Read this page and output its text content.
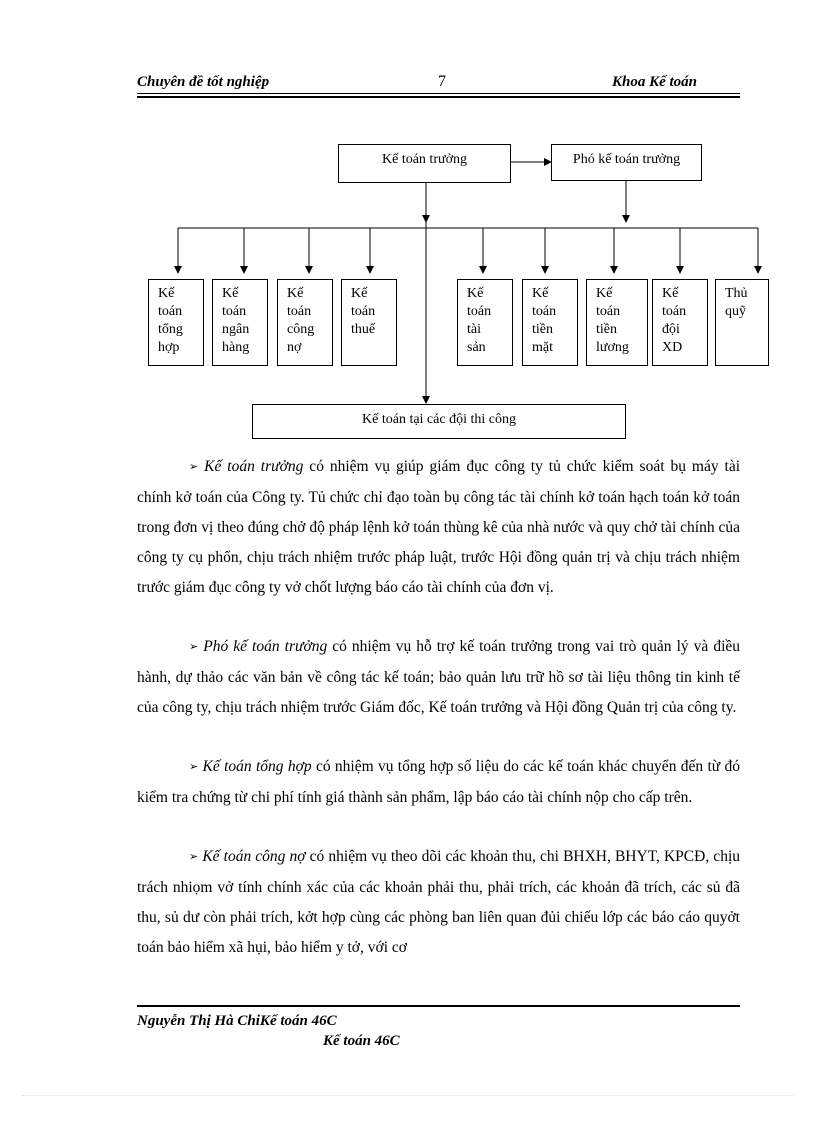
Chuyên đề tốt nghiệp	7	Khoa Kế toán
Kế toán trưởng	Phó kế toán trưởng
Kế
toán
tổng
hợp
Kế
toán
ngân
hàng
Kế
toán
công
nợ
Kế
toán
thuế
Kế
toán
tài
sản
Kế
toán
tiền
mặt
Kế
toán
tiền
lương
Kế
toán
đội
XD
Thủ
quỹ
Kế toán tại các đội thi công

➢ Kế toán trưởng có nhiệm vụ giúp giám đục công ty tủ chức kiểm soát bụ máy tài chính kở toán của Công ty. Tủ chức chỉ đạo toàn bụ công tác tài chính kở toán hạch toán kở toán trong đơn vị theo đúng chở độ pháp lệnh kở toán thùng kê của nhà nước và quy chở tài chính của công ty cụ phổn, chịu trách nhiệm trước pháp luật, trước Hội đồng quản trị và chịu trách nhiệm trước giám đục công ty vở chốt lượng báo cáo tài chính của đơn vị.

➢ Phó kế toán trưởng có nhiệm vụ hỗ trợ kế toán trưởng trong vai trò quản lý và điều hành, dự thảo các văn bản về công tác kế toán; bảo quản lưu trữ hồ sơ tài liệu thông tin kinh tế của công ty, chịu trách nhiệm trước Giám đốc, Kế toán trưởng và Hội đồng Quản trị của công ty.

➢ Kế toán tổng hợp có nhiệm vụ tổng hợp số liệu do các kế toán khác chuyển đến từ đó kiểm tra chứng từ chi phí tính giá thành sản phẩm, lập báo cáo tài chính nộp cho cấp trên.

➢ Kế toán công nợ có nhiệm vụ theo dõi các khoản thu, chi BHXH, BHYT, KPCĐ, chịu trách nhiọm vở tính chính xác của các khoản phải thu, phải trích, các khoản đã trích, các sủ đã thu, sủ dư còn phải trích, kởt hợp cùng các phòng ban liên quan đủi chiếu lớp các báo cáo quyởt toán bảo hiểm xã hụi, bảo hiểm y tở, với cơ

Nguyễn Thị Hà ChiKế toán 46C
Kế toán 46C
